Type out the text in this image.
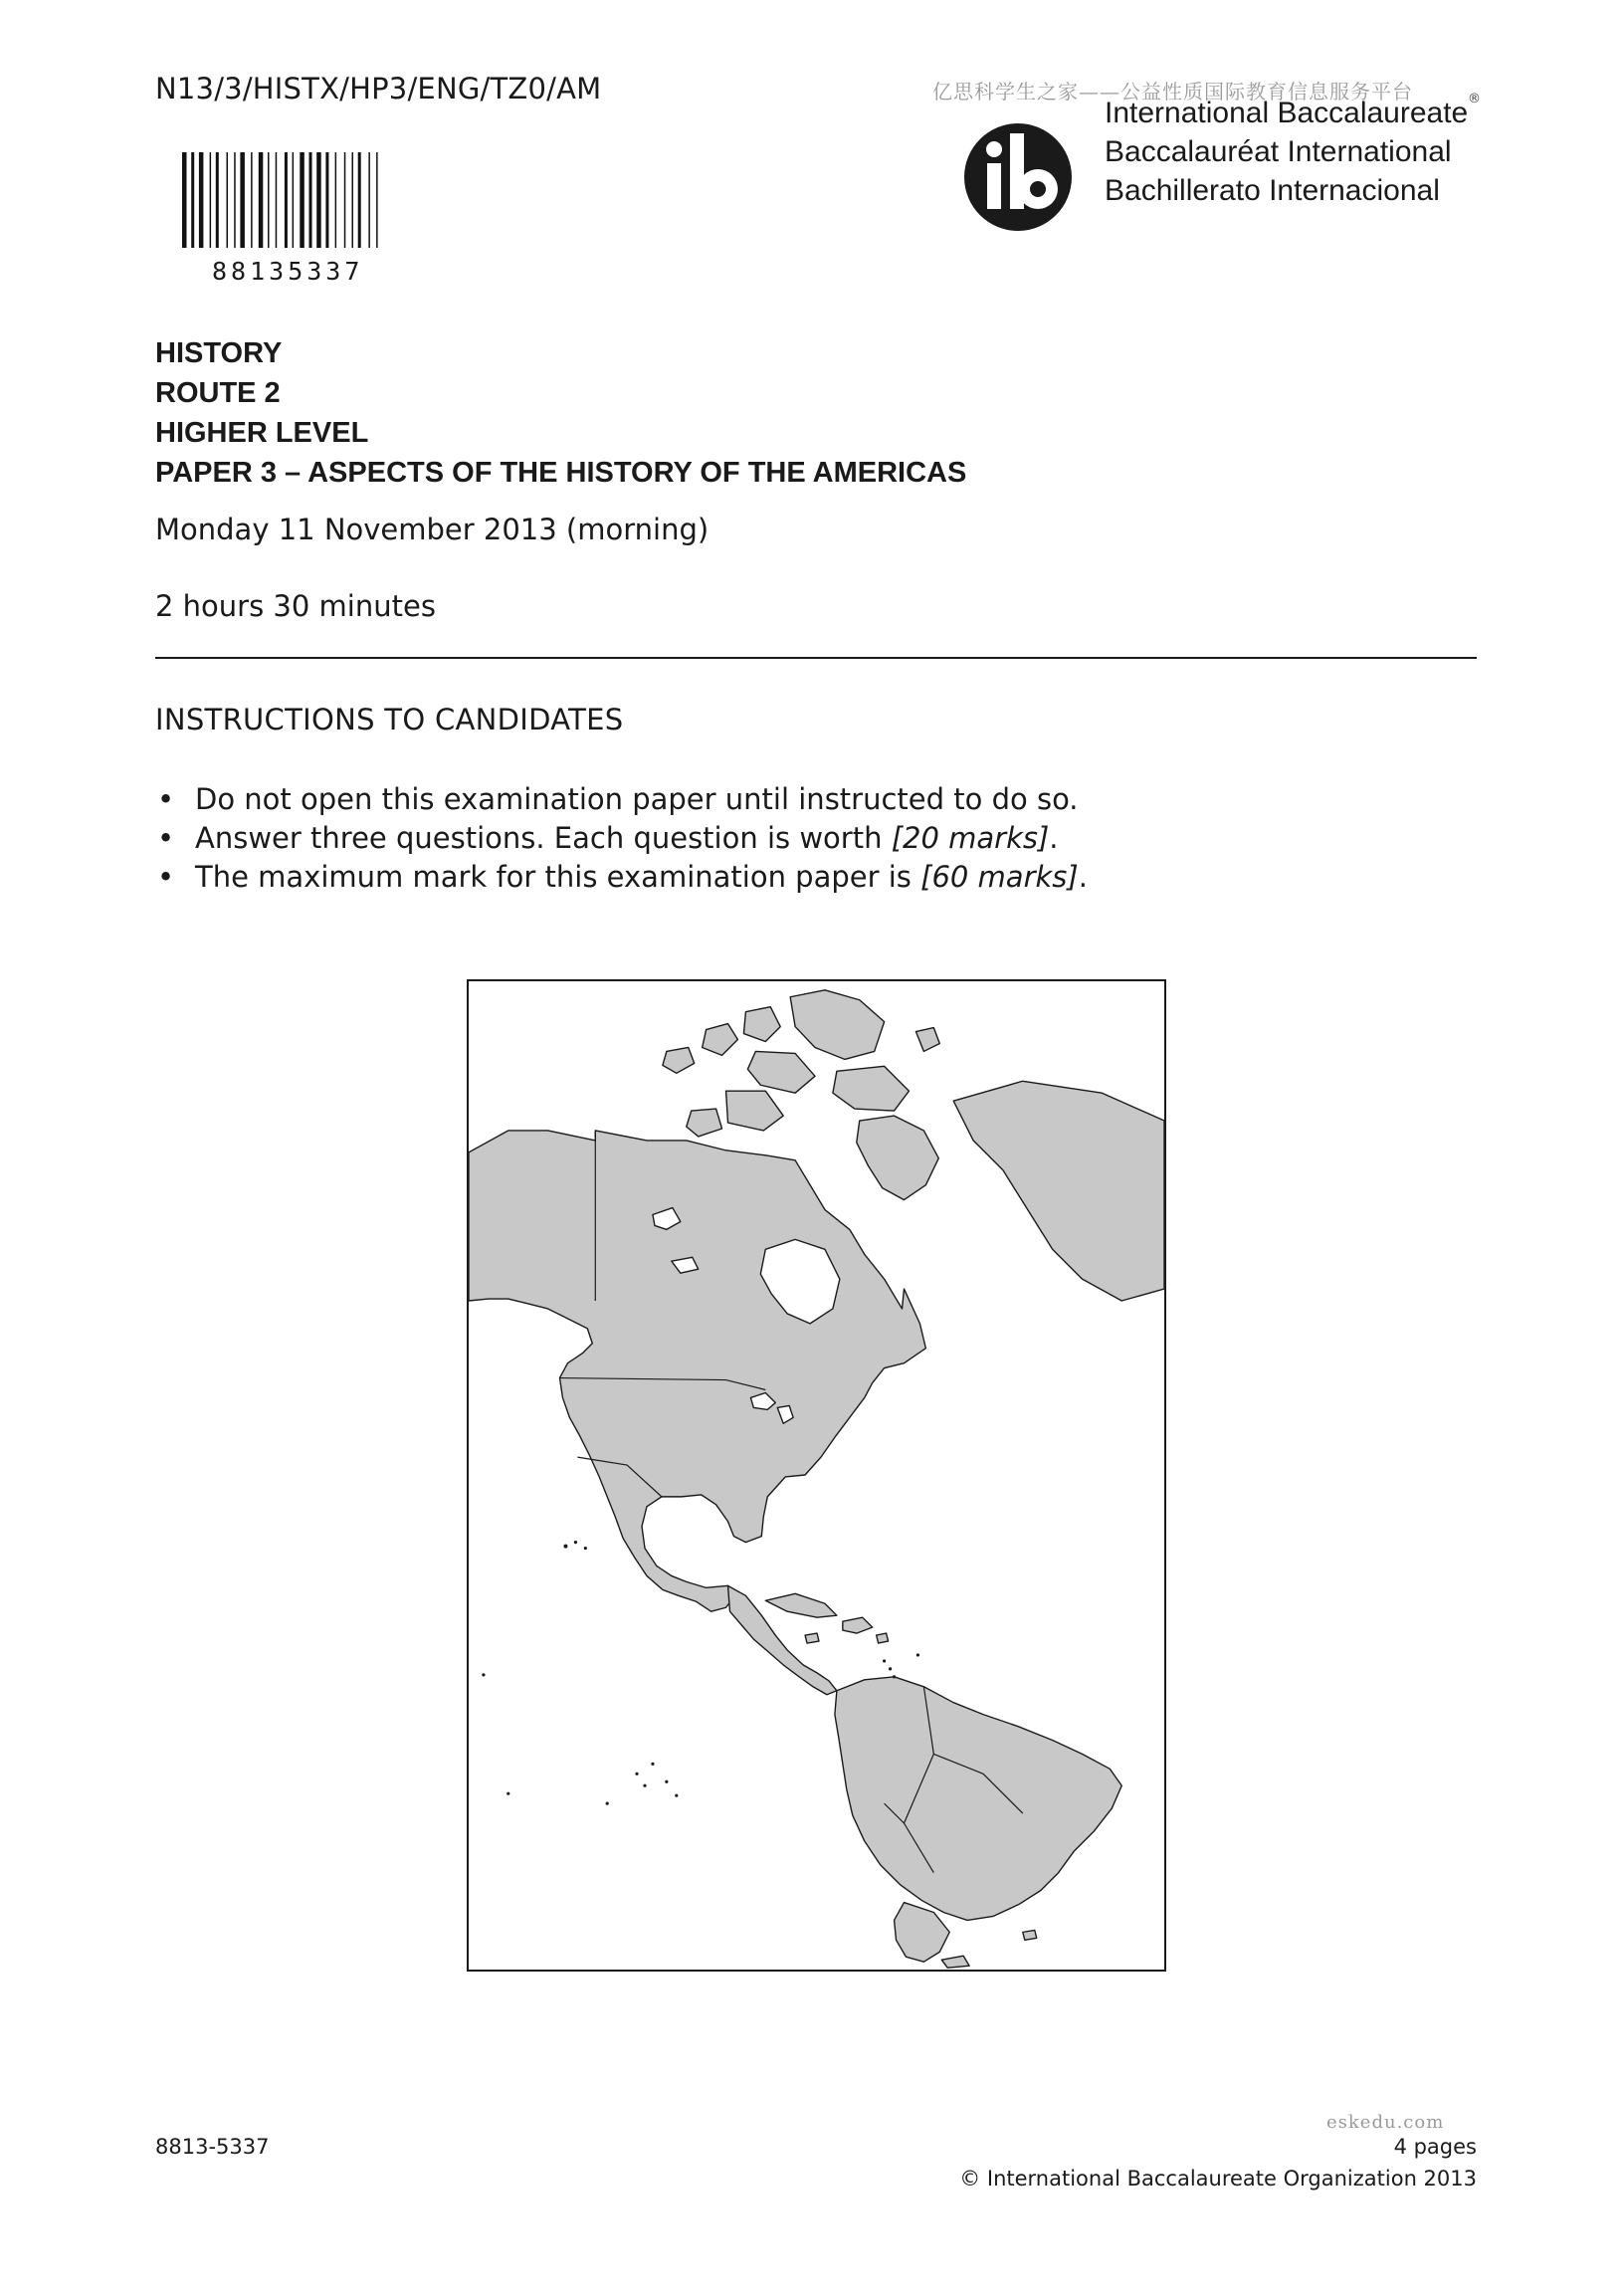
N13/3/HISTX/HP3/ENG/TZ0/AM
88135337
亿思科学生之家——公益性质国际教育信息服务平台
International Baccalaureate
Baccalauréat International
Bachillerato Internacional
®
HISTORY
ROUTE 2
HIGHER LEVEL
PAPER 3 – ASPECTS OF THE HISTORY OF THE AMERICAS
Monday 11 November 2013 (morning)
2 hours 30 minutes
INSTRUCTIONS TO CANDIDATES
• Do not open this examination paper until instructed to do so.
• Answer three questions. Each question is worth [20 marks].
• The maximum mark for this examination paper is [60 marks].
8813-5337	4 pages
© International Baccalaureate Organization 2013
eskedu.com
